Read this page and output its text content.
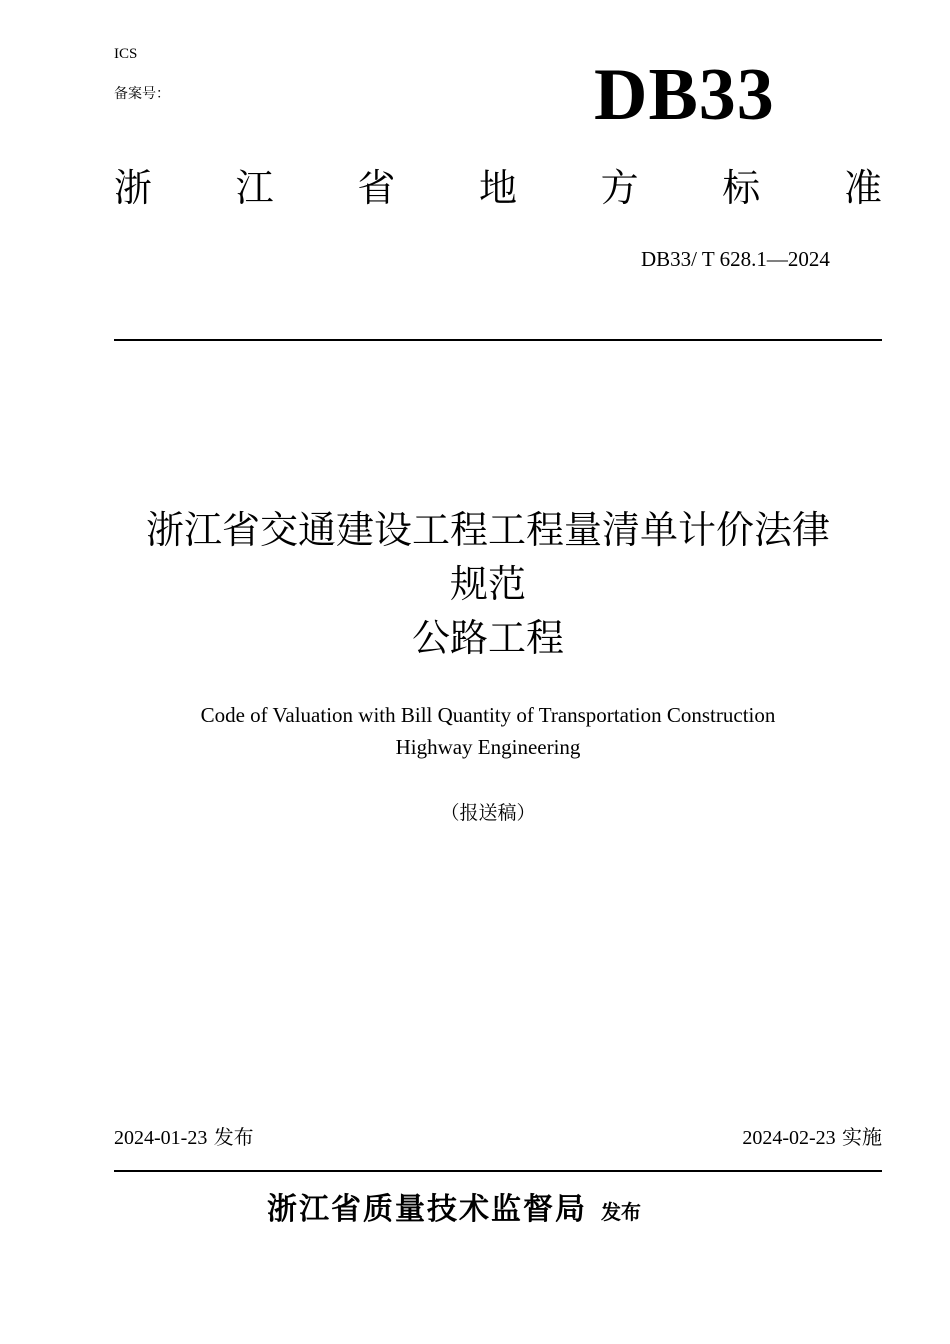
ICS
备案号：	DB33
浙 江 省 地 方 标 准
DB33/ T 628.1—2024
浙江省交通建设工程工程量清单计价法律
规范
公路工程
Code of Valuation with Bill Quantity of Transportation Construction
Highway Engineering
（报送稿）
2024-01-23 发布	2024-02-23 实施
浙江省质量技术监督局 发布
